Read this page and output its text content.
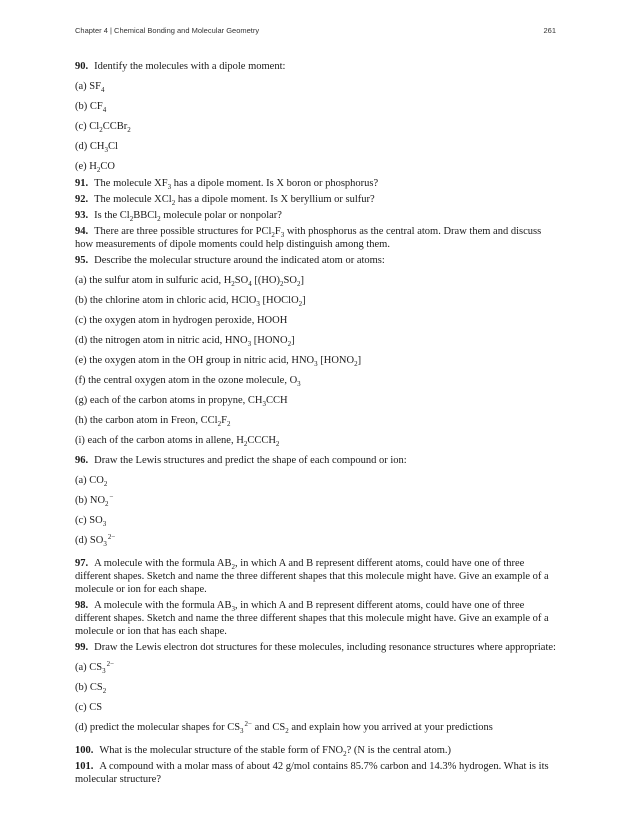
Chapter 4 | Chemical Bonding and Molecular Geometry	261

90. Identify the molecules with a dipole moment:

(a) $SF_4$

(b) $CF_4$

(c) $Cl_2CCBr_2$

(d) $CH_3Cl$

(e) $H_2CO$

91. The molecule $XF_3$ has a dipole moment. Is X boron or phosphorus?

92. The molecule XCl$_2$ has a dipole moment. Is X beryllium or sulfur?

93. Is the $Cl_2BBCl_2$ molecule polar or nonpolar?

94. There are three possible structures for $PCl_2F_3$ with phosphorus as the central atom. Draw them and discuss how measurements of dipole moments could help distinguish among them.

95. Describe the molecular structure around the indicated atom or atoms:

(a) the sulfur atom in sulfuric acid, $H_2SO_4$ $[(HO)_2SO_2]$

(b) the chlorine atom in chloric acid, HClO$_3$ [HOClO$_2$]

(c) the oxygen atom in hydrogen peroxide, HOOH

(d) the nitrogen atom in nitric acid, $HNO_3$ $[HONO_2]$

(e) the oxygen atom in the OH group in nitric acid, $HNO_3$ $[HONO_2]$

(f) the central oxygen atom in the ozone molecule, $O_3$

(g) each of the carbon atoms in propyne, $CH_3CCH$

(h) the carbon atom in Freon, $CCl_2F_2$

(i) each of the carbon atoms in allene, $H_2CCCH_2$

96. Draw the Lewis structures and predict the shape of each compound or ion:

(a) $CO_2$

(b) $NO_2^-$

(c) $SO_3$

(d) $SO_3^{2-}$

97. A molecule with the formula $AB_2$, in which A and B represent different atoms, could have one of three different shapes. Sketch and name the three different shapes that this molecule might have. Give an example of a molecule or ion for each shape.

98. A molecule with the formula $AB_3$, in which A and B represent different atoms, could have one of three different shapes. Sketch and name the three different shapes that this molecule might have. Give an example of a molecule or ion that has each shape.

99. Draw the Lewis electron dot structures for these molecules, including resonance structures where appropriate:

(a) $CS_3^{2-}$

(b) $CS_2$

(c) CS

(d) predict the molecular shapes for $CS_3^{2-}$ and $CS_2$ and explain how you arrived at your predictions

100. What is the molecular structure of the stable form of $FNO_2$? (N is the central atom.)

101. A compound with a molar mass of about 42 g/mol contains 85.7% carbon and 14.3% hydrogen. What is its molecular structure?
